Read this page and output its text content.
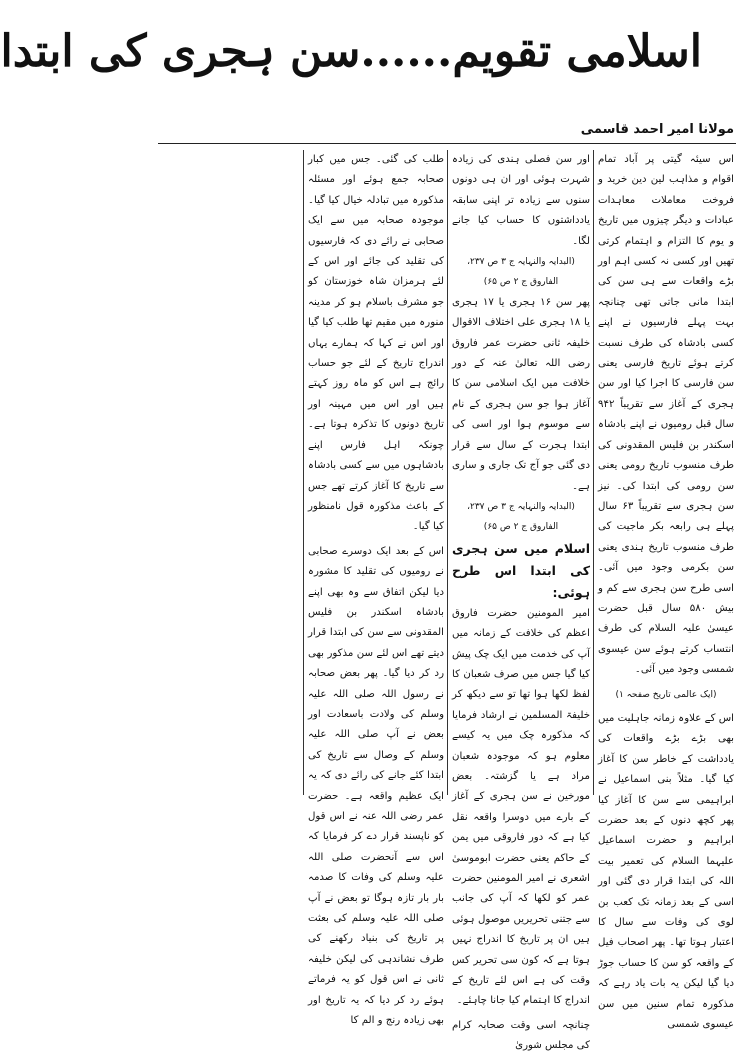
اسلامی تقویم......سن ہجری کی ابتدا
مولانا امیر احمد قاسمی

اس سیئہ گیتی پر آباد تمام اقوام و مذاہب لین دین خرید و فروخت معاملات معاہدات عبادات و دیگر چیزوں میں تاریخ و یوم کا التزام و اہتمام کرتی تھیں اور کسی نہ کسی اہم اور بڑے واقعات سے ہی سن کی ابتدا مانی جاتی تھی چنانچہ بہت پہلے فارسیوں نے اپنے کسی بادشاہ کی طرف نسبت کرتے ہوئے تاریخ فارسی یعنی سن فارسی کا اجرا کیا اور سن ہجری کے آغاز سے تقریباً ۹۴۲ سال قبل رومیوں نے اپنے بادشاہ اسکندر بن فلیس المقدونی کی طرف منسوب تاریخ رومی یعنی سن رومی کی ابتدا کی۔ نیز سن ہجری سے تقریباً ۶۳ سال پہلے ہی رابعہ بکر ماجیت کی طرف منسوب تاریخ ہندی یعنی سن بکرمی وجود میں آئی۔ اسی طرح سن ہجری سے کم و بیش ۵۸۰ سال قبل حضرت عیسیٰ علیہ السلام کی طرف انتساب کرتے ہوئے سن عیسوی شمسی وجود میں آئی۔

(ایک عالمی تاریخ صفحہ ۱)

اس کے علاوہ زمانہ جاہلیت میں بھی بڑے بڑے واقعات کی یادداشت کے خاطر سن کا آغاز کیا گیا۔ مثلاً بنی اسماعیل نے ابراہیمی سے سن کا آغاز کیا پھر کچھ دنوں کے بعد حضرت ابراہیم و حضرت اسماعیل علیہما السلام کی تعمیر بیت اللہ کی ابتدا قرار دی گئی اور اسی کے بعد زمانہ تک کعب بن لوی کی وفات سے سال کا اعتبار ہوتا تھا۔ پھر اصحاب فیل کے واقعہ کو سن کا حساب جوڑ دیا گیا لیکن یہ بات یاد رہے کہ مذکورہ تمام سنین میں سن عیسوی شمسی

اور سن فصلی ہندی کی زیادہ شہرت ہوئی اور ان ہی دونوں سنوں سے زیادہ تر اپنی سابقہ یادداشتوں کا حساب کیا جانے لگا۔

(البدایہ والنہایہ ج ۳ ص ۲۳۷، الفاروق ج ۲ ص ۶۵)

پھر سن ۱۶ ہجری یا ۱۷ ہجری یا ۱۸ ہجری علی اختلاف الاقوال خلیفہ ثانی حضرت عمر فاروق رضی اللہ تعالیٰ عنہ کے دور خلافت میں ایک اسلامی سن کا آغاز ہوا جو سن ہجری کے نام سے موسوم ہوا اور اسی کی ابتدا ہجرت کے سال سے قرار دی گئی جو آج تک جاری و ساری ہے۔

(البدایہ والنہایہ ج ۳ ص ۲۳۷، الفاروق ج ۲ ص ۶۵)

اسلام میں سن ہجری کی ابتدا اس طرح ہوئی:

امیر المومنین حضرت فاروق اعظم کی خلافت کے زمانہ میں آپ کی خدمت میں ایک چک پیش کیا گیا جس میں صرف شعبان کا لفظ لکھا ہوا تھا تو سے دیکھ کر خلیفۃ المسلمین نے ارشاد فرمایا کہ مذکورہ چک میں یہ کیسے معلوم ہو کہ موجودہ شعبان مراد ہے یا گزشتہ۔ بعض مورخین نے سن ہجری کے آغاز کے بارے میں دوسرا واقعہ نقل کیا ہے کہ دور فاروقی میں یمن کے حاکم یعنی حضرت ابوموسیٰ اشعری نے امیر المومنین حضرت عمر کو لکھا کہ آپ کی جانب سے جتنی تحریریں موصول ہوئی ہیں ان پر تاریخ کا اندراج نہیں ہوتا ہے کہ کون سی تحریر کس وقت کی ہے اس لئے تاریخ کے اندراج کا اہتمام کیا جانا چاہئے۔

چنانچہ اسی وقت صحابہ کرام کی مجلس شوریٰ

طلب کی گئی۔ جس میں کبار صحابہ جمع ہوئے اور مسئلہ مذکورہ میں تبادلہ خیال کیا گیا۔ موجودہ صحابہ میں سے ایک صحابی نے رائے دی کہ فارسیوں کی تقلید کی جائے اور اس کے لئے ہرمزان شاہ خوزستان کو جو مشرف باسلام ہو کر مدینہ منورہ میں مقیم تھا طلب کیا گیا اور اس نے کہا کہ ہمارے یہاں اندراج تاریخ کے لئے جو حساب رائج ہے اس کو ماہ روز کہتے ہیں اور اس میں مہینہ اور تاریخ دونوں کا تذکرہ ہوتا ہے۔ چونکہ اہل فارس اپنے بادشاہوں میں سے کسی بادشاہ سے تاریخ کا آغاز کرتے تھے جس کے باعث مذکورہ قول نامنظور کیا گیا۔

اس کے بعد ایک دوسرے صحابی نے رومیوں کی تقلید کا مشورہ دیا لیکن اتفاق سے وہ بھی اپنے بادشاہ اسکندر بن فلیس المقدونی سے سن کی ابتدا قرار دیتے تھے اس لئے سن مذکور بھی رد کر دیا گیا۔ پھر بعض صحابہ نے رسول اللہ صلی اللہ علیہ وسلم کی ولادت باسعادت اور بعض نے آپ صلی اللہ علیہ وسلم کے وصال سے تاریخ کی ابتدا کئے جانے کی رائے دی کہ یہ ایک عظیم واقعہ ہے۔ حضرت عمر رضی اللہ عنہ نے اس قول کو ناپسند قرار دے کر فرمایا کہ اس سے آنحضرت صلی اللہ علیہ وسلم کی وفات کا صدمہ بار بار تازہ ہوگا تو بعض نے آپ صلی اللہ علیہ وسلم کی بعثت پر تاریخ کی بنیاد رکھنے کی طرف نشاندہی کی لیکن خلیفہ ثانی نے اس قول کو یہ فرماتے ہوئے رد کر دیا کہ یہ تاریخ اور بھی زیادہ رنج و الم کا
